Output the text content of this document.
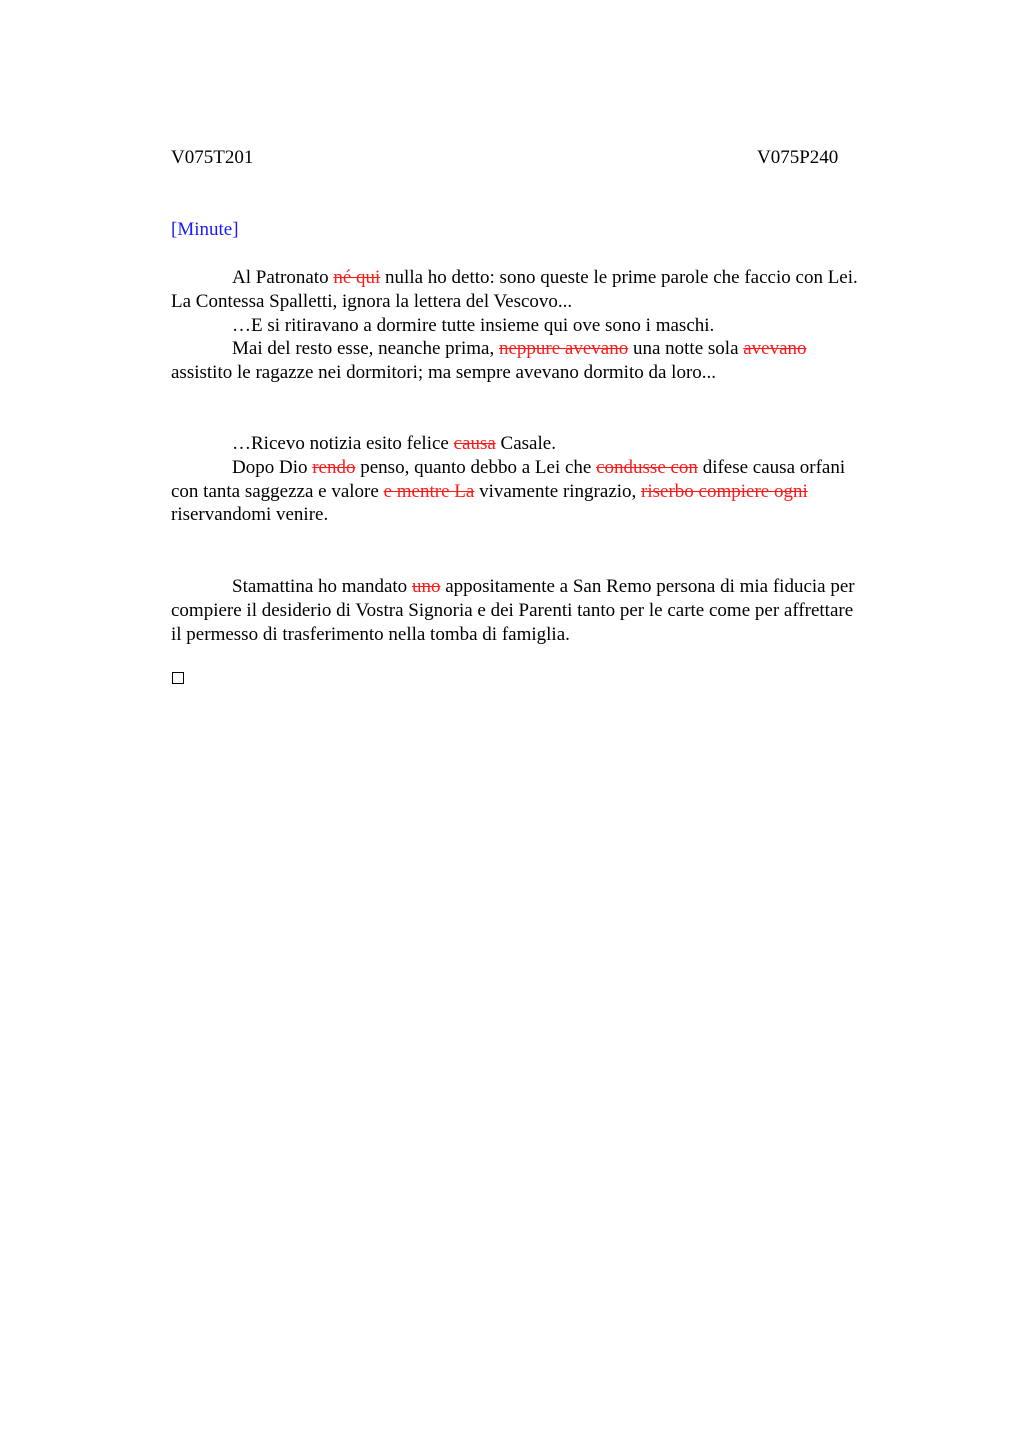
V075T201	V075P240
[Minute]

Al Patronato né qui nulla ho detto: sono queste le prime parole che faccio con Lei.

La Contessa Spalletti, ignora la lettera del Vescovo...

…E si ritiravano a dormire tutte insieme qui ove sono i maschi.

Mai del resto esse, neanche prima, neppure avevano una notte sola avevano

assistito le ragazze nei dormitori; ma sempre avevano dormito da loro...

…Ricevo notizia esito felice causa Casale.

Dopo Dio rendo penso, quanto debbo a Lei che condusse con difese causa orfani

con tanta saggezza e valore e mentre La vivamente ringrazio, riserbo compiere ogni

riservandomi venire.

Stamattina ho mandato uno appositamente a San Remo persona di mia fiducia per

compiere il desiderio di Vostra Signoria e dei Parenti tanto per le carte come per affrettare

il permesso di trasferimento nella tomba di famiglia.
